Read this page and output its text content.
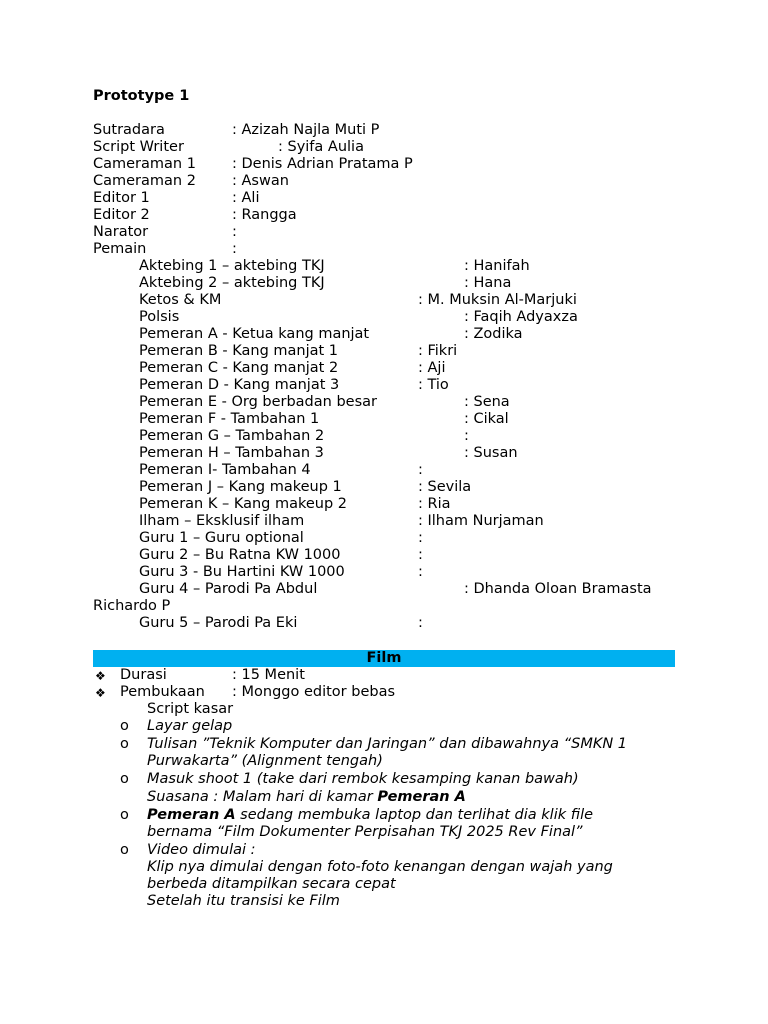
Prototype 1
Sutradara	: Azizah Najla Muti P
Script Writer	: Syifa Aulia
Cameraman 1 : Denis Adrian Pratama P
Cameraman 2 : Aswan
Editor 1	: Ali
Editor 2	: Rangga
Narator	:
Pemain	:
Aktebing 1 – aktebing TKJ	: Hanifah
Aktebing 2 – aktebing TKJ	: Hana
Ketos & KM	: M. Muksin Al-Marjuki
Polsis	: Faqih Adyaxza
Pemeran A - Ketua kang manjat	: Zodika
Pemeran B - Kang manjat 1	: Fikri
Pemeran C - Kang manjat 2	: Aji
Pemeran D - Kang manjat 3	: Tio
Pemeran E - Org berbadan besar	: Sena
Pemeran F - Tambahan 1	: Cikal
Pemeran G – Tambahan 2	:
Pemeran H – Tambahan 3	: Susan
Pemeran I- Tambahan 4	:
Pemeran J – Kang makeup 1	: Sevila
Pemeran K – Kang makeup 2	: Ria
Ilham – Eksklusif ilham	: Ilham Nurjaman
Guru 1 – Guru optional	:
Guru 2 – Bu Ratna KW 1000	:
Guru 3 - Bu Hartini KW 1000	:
Guru 4 – Parodi Pa Abdul	: Dhanda Oloan Bramasta
Richardo P
Guru 5 – Parodi Pa Eki	:
Film
❖ Durasi	: 15 Menit
❖ Pembukaan : Monggo editor bebas
Script kasar
o Layar gelap
o Tulisan ”Teknik Komputer dan Jaringan” dan dibawahnya “SMKN 1
Purwakarta” (Alignment tengah)
o Masuk shoot 1 (take dari rembok kesamping kanan bawah)
Suasana : Malam hari di kamar Pemeran A
o Pemeran A sedang membuka laptop dan terlihat dia klik file
bernama “Film Dokumenter Perpisahan TKJ 2025 Rev Final”
o Video dimulai :
Klip nya dimulai dengan foto-foto kenangan dengan wajah yang
berbeda ditampilkan secara cepat
Setelah itu transisi ke Film
